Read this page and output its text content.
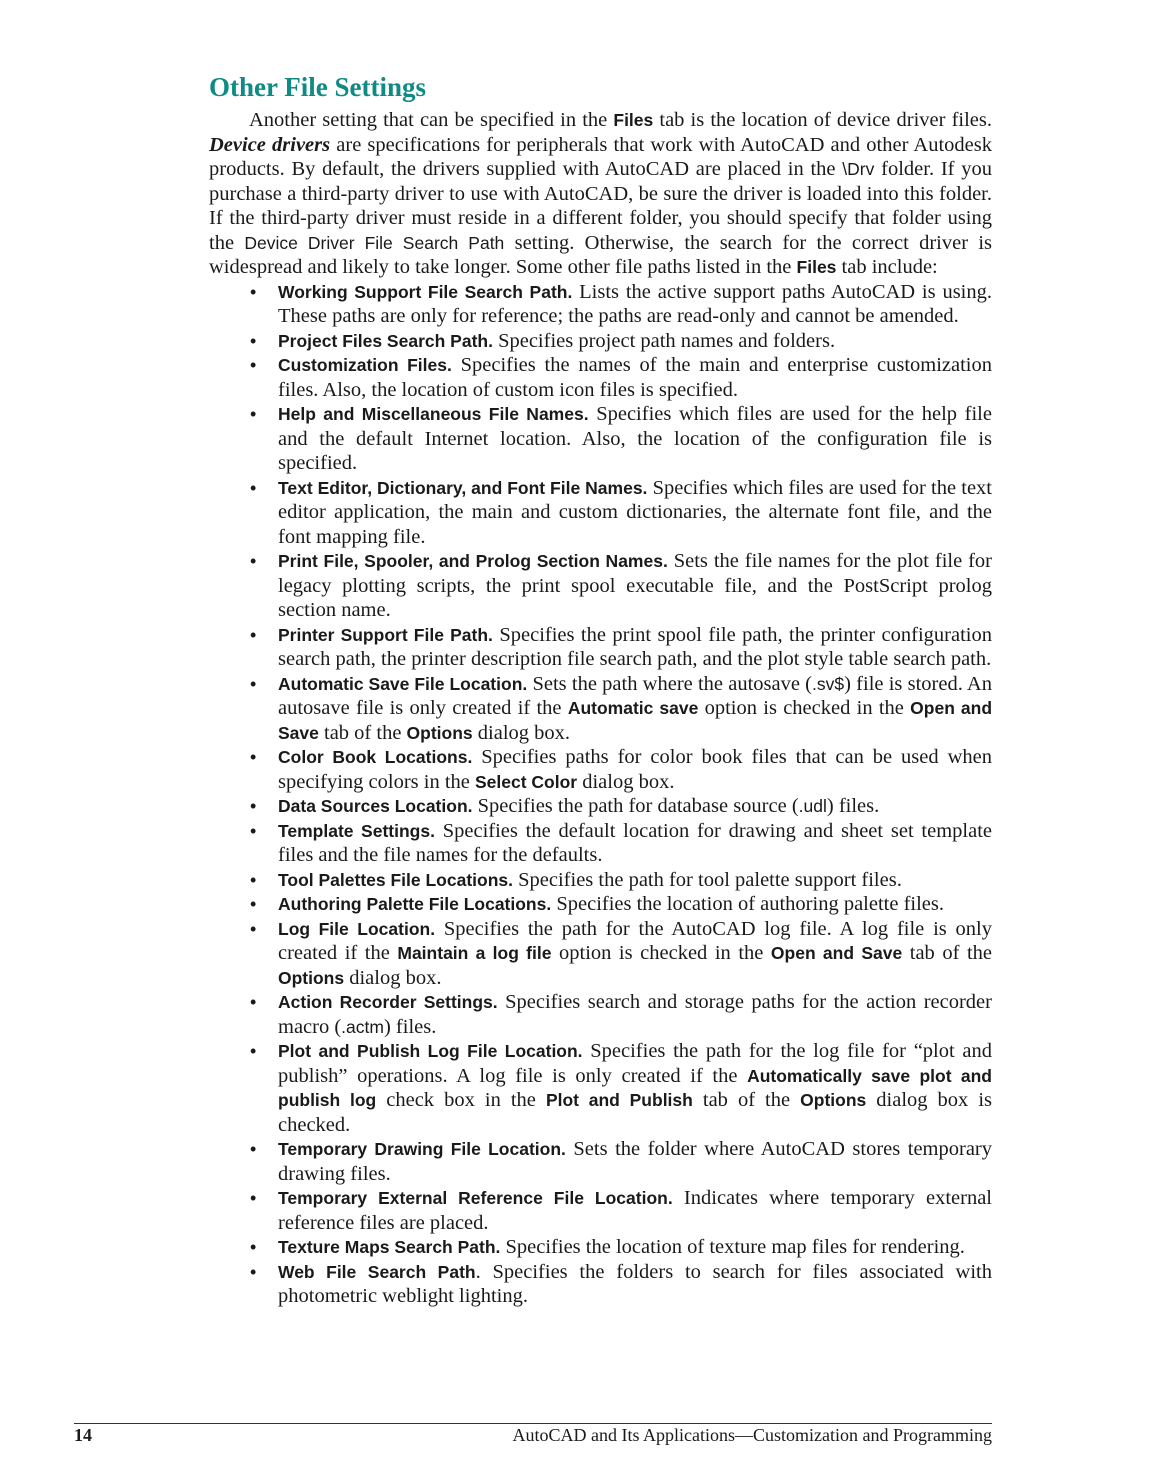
Other File Settings

Another setting that can be specified in the Files tab is the location of device driver files. Device drivers are specifications for peripherals that work with AutoCAD and other Autodesk products. By default, the drivers supplied with AutoCAD are placed in the \Drv folder. If you purchase a third-party driver to use with AutoCAD, be sure the driver is loaded into this folder. If the third-party driver must reside in a different folder, you should specify that folder using the Device Driver File Search Path setting. Otherwise, the search for the correct driver is widespread and likely to take longer. Some other file paths listed in the Files tab include:

• Working Support File Search Path. Lists the active support paths AutoCAD is using. These paths are only for reference; the paths are read-only and cannot be amended.
• Project Files Search Path. Specifies project path names and folders.
• Customization Files. Specifies the names of the main and enterprise customization files. Also, the location of custom icon files is specified.
• Help and Miscellaneous File Names. Specifies which files are used for the help file and the default Internet location. Also, the location of the configuration file is specified.
• Text Editor, Dictionary, and Font File Names. Specifies which files are used for the text editor application, the main and custom dictionaries, the alternate font file, and the font mapping file.
• Print File, Spooler, and Prolog Section Names. Sets the file names for the plot file for legacy plotting scripts, the print spool executable file, and the PostScript prolog section name.
• Printer Support File Path. Specifies the print spool file path, the printer configuration search path, the printer description file search path, and the plot style table search path.
• Automatic Save File Location. Sets the path where the autosave (.sv$) file is stored. An autosave file is only created if the Automatic save option is checked in the Open and Save tab of the Options dialog box.
• Color Book Locations. Specifies paths for color book files that can be used when specifying colors in the Select Color dialog box.
• Data Sources Location. Specifies the path for database source (.udl) files.
• Template Settings. Specifies the default location for drawing and sheet set template files and the file names for the defaults.
• Tool Palettes File Locations. Specifies the path for tool palette support files.
• Authoring Palette File Locations. Specifies the location of authoring palette files.
• Log File Location. Specifies the path for the AutoCAD log file. A log file is only created if the Maintain a log file option is checked in the Open and Save tab of the Options dialog box.
• Action Recorder Settings. Specifies search and storage paths for the action recorder macro (.actm) files.
• Plot and Publish Log File Location. Specifies the path for the log file for “plot and publish” operations. A log file is only created if the Automatically save plot and publish log check box in the Plot and Publish tab of the Options dialog box is checked.
• Temporary Drawing File Location. Sets the folder where AutoCAD stores temporary drawing files.
• Temporary External Reference File Location. Indicates where temporary external reference files are placed.
• Texture Maps Search Path. Specifies the location of texture map files for rendering.
• Web File Search Path. Specifies the folders to search for files associated with photometric weblight lighting.
14	AutoCAD and Its Applications—Customization and Programming
